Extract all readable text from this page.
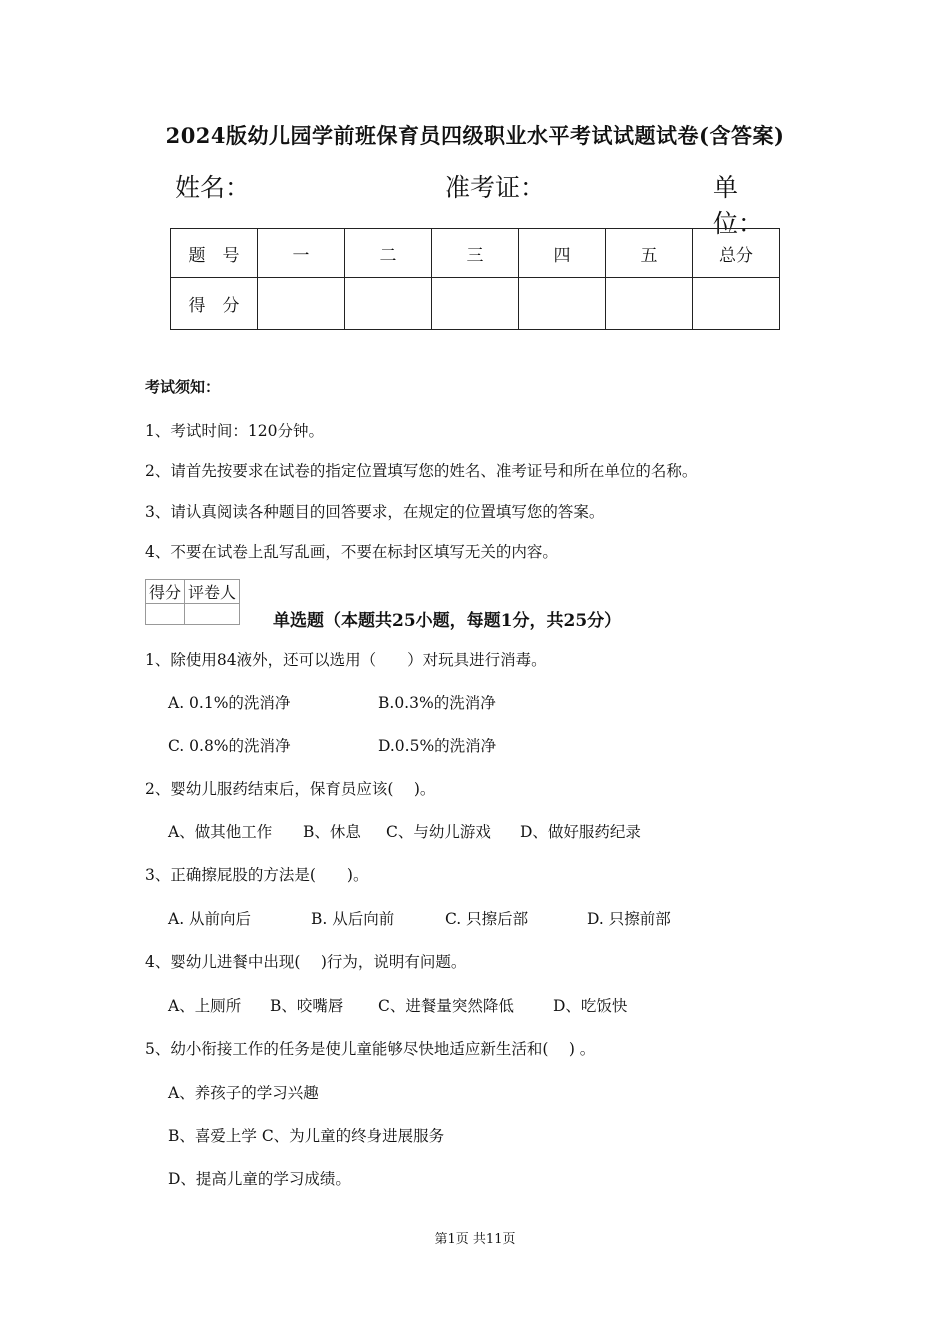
2024版幼儿园学前班保育员四级职业水平考试试题试卷(含答案)
姓名：	准考证：	单位：
题　号	一	二	三	四	五	总分
得　分						
考试须知：
1、考试时间：120分钟。
2、请首先按要求在试卷的指定位置填写您的姓名、准考证号和所在单位的名称。
3、请认真阅读各种题目的回答要求，在规定的位置填写您的答案。
4、不要在试卷上乱写乱画，不要在标封区填写无关的内容。
得分	评卷人

单选题（本题共25小题，每题1分，共25分）
1、除使用84液外，还可以选用（　　）对玩具进行消毒。
A. 0.1%的洗消净	B.0.3%的洗消净
C. 0.8%的洗消净	D.0.5%的洗消净
2、婴幼儿服药结束后，保育员应该(　 )。
A、做其他工作 B、休息 C、与幼儿游戏 D、做好服药纪录
3、正确擦屁股的方法是(　　)。
A. 从前向后	B. 从后向前	C. 只擦后部	D. 只擦前部
4、婴幼儿进餐中出现(　 )行为，说明有问题。
A、上厕所 B、咬嘴唇 C、进餐量突然降低	D、吃饭快
5、幼小衔接工作的任务是使儿童能够尽快地适应新生活和(　 ) 。
A、养孩子的学习兴趣
B、喜爱上学 C、为儿童的终身进展服务
D、提高儿童的学习成绩。
第1页 共11页
